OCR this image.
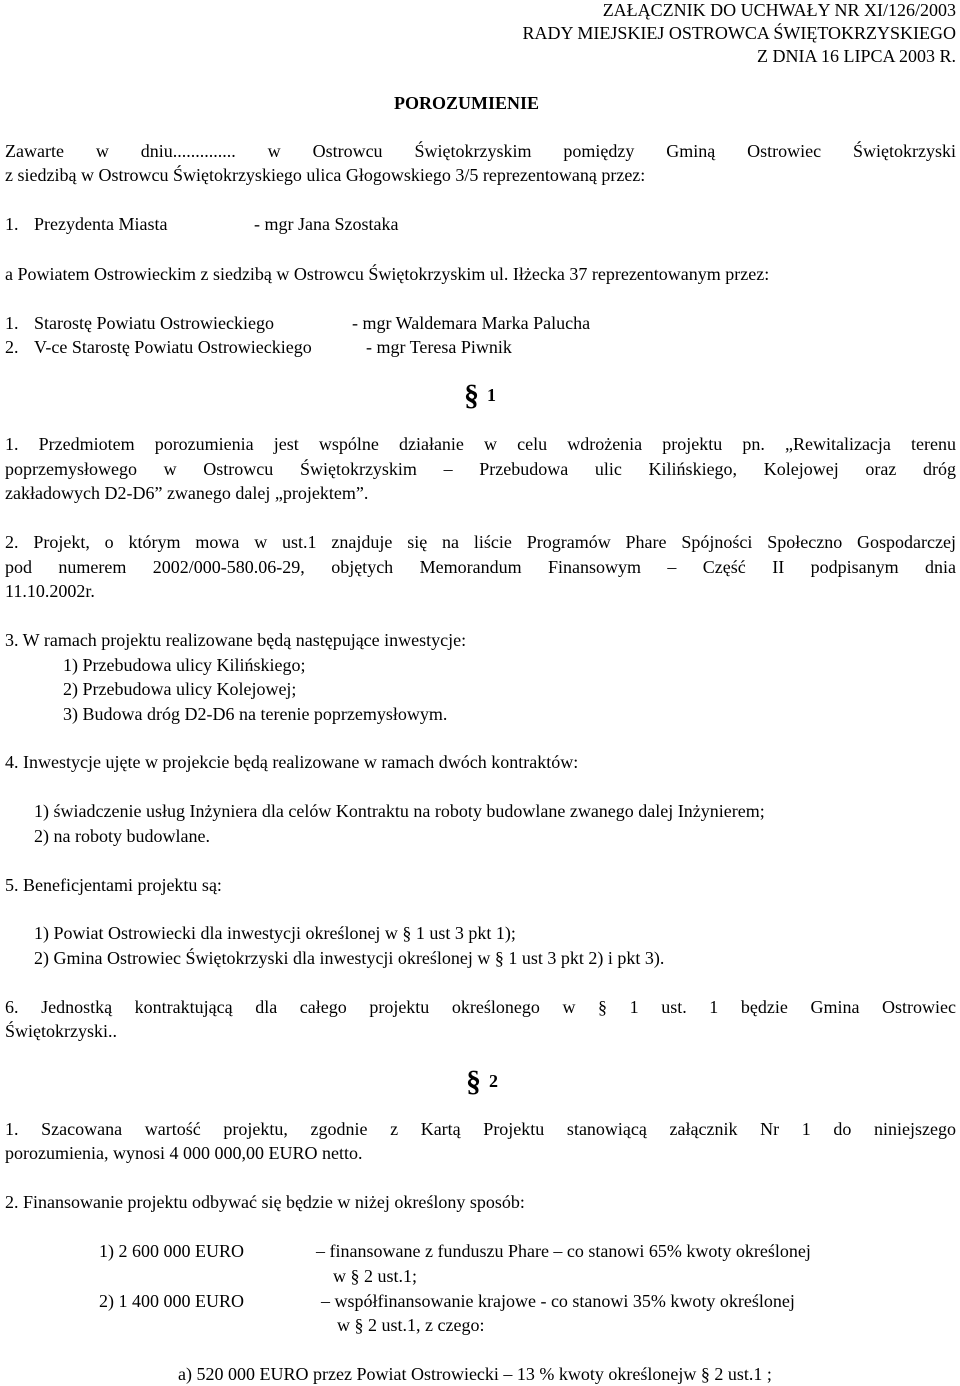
ZAŁĄCZNIK DO UCHWAŁY NR XI/126/2003
RADY MIEJSKIEJ OSTROWCA ŚWIĘTOKRZYSKIEGO
Z DNIA 16 LIPCA 2003 R.
POROZUMIENIE
Zawarte w dniu.............. w Ostrowcu Świętokrzyskim pomiędzy Gminą Ostrowiec Świętokrzyski
z siedzibą w Ostrowcu Świętokrzyskiego ulica Głogowskiego 3/5 reprezentowaną przez:
1. Prezydenta Miasta	- mgr Jana Szostaka
a Powiatem Ostrowieckim z siedzibą w Ostrowcu Świętokrzyskim ul. Iłżecka 37 reprezentowanym przez:
1. Starostę Powiatu Ostrowieckiego	- mgr Waldemara Marka Palucha
2. V-ce Starostę Powiatu Ostrowieckiego	- mgr Teresa Piwnik
§ 1
1. Przedmiotem porozumienia jest wspólne działanie w celu wdrożenia projektu pn. „Rewitalizacja terenu
poprzemysłowego w Ostrowcu Świętokrzyskim – Przebudowa ulic Kilińskiego, Kolejowej oraz dróg
zakładowych D2-D6” zwanego dalej „projektem”.
2. Projekt, o którym mowa w ust.1 znajduje się na liście Programów Phare Spójności Społeczno Gospodarczej
pod numerem 2002/000-580.06-29, objętych Memorandum Finansowym – Część II podpisanym dnia
11.10.2002r.
3. W ramach projektu realizowane będą następujące inwestycje:
1) Przebudowa ulicy Kilińskiego;
2) Przebudowa ulicy Kolejowej;
3) Budowa dróg D2-D6 na terenie poprzemysłowym.
4. Inwestycje ujęte w projekcie będą realizowane w ramach dwóch kontraktów:
1) świadczenie usług Inżyniera dla celów Kontraktu na roboty budowlane zwanego dalej Inżynierem;
2) na roboty budowlane.
5. Beneficjentami projektu są:
1) Powiat Ostrowiecki dla inwestycji określonej w § 1 ust 3 pkt 1);
2) Gmina Ostrowiec Świętokrzyski dla inwestycji określonej w § 1 ust 3 pkt 2) i pkt 3).
6. Jednostką kontraktującą dla całego projektu określonego w § 1 ust. 1 będzie Gmina Ostrowiec
Świętokrzyski..
§ 2
1. Szacowana wartość projektu, zgodnie z Kartą Projektu stanowiącą załącznik Nr 1 do niniejszego
porozumienia, wynosi 4 000 000,00 EURO netto.
2. Finansowanie projektu odbywać się będzie w niżej określony sposób:
1) 2 600 000 EURO	– finansowane z funduszu Phare – co stanowi 65% kwoty określonej
w § 2 ust.1;
2) 1 400 000 EURO	– współfinansowanie krajowe - co stanowi 35% kwoty określonej
w § 2 ust.1, z czego:
a) 520 000 EURO przez Powiat Ostrowiecki – 13 % kwoty określonejw § 2 ust.1 ;
